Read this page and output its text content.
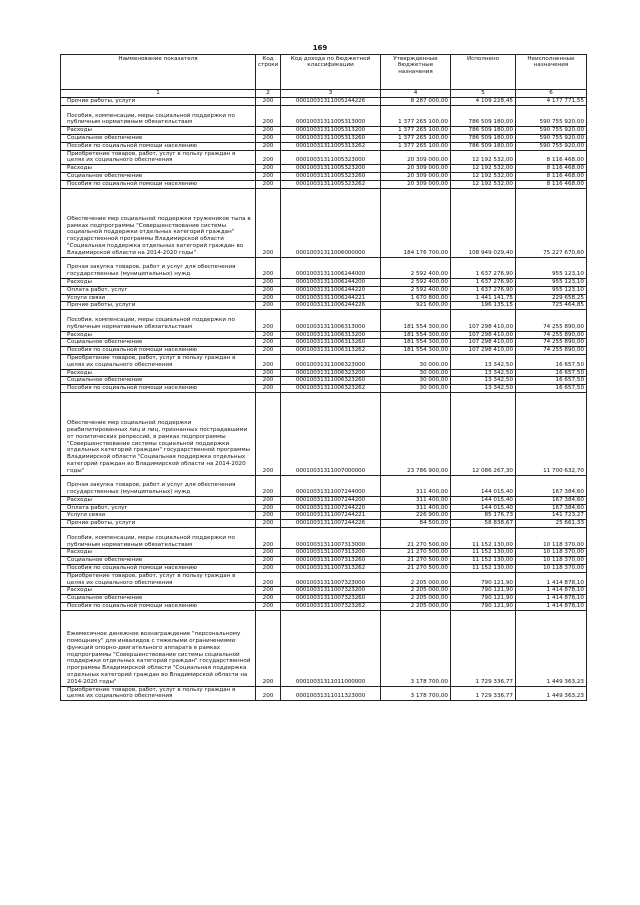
169
Наименование показателя	Код строки	Код дохода по бюджетной классификации	Утвержденные бюджетные назначения	Исполнено	Неисполненные назначения
1	2	3	4	5	6
Прочие работы, услуги	200	00010031311005244226	8 287 000,00	4 109 228,45	4 177 771,55
Пособия, компенсации, меры социальной поддержки по публичным нормативным обязательствам	200	00010031311005313000	1 377 265 100,00	786 509 180,00	590 755 920,00
Расходы	200	00010031311005313200	1 377 265 100,00	786 509 180,00	590 755 920,00
Социальное обеспечение	200	00010031311005313260	1 377 265 100,00	786 509 180,00	590 755 920,00
Пособия по социальной помощи населению	200	00010031311005313262	1 377 265 100,00	786 509 180,00	590 755 920,00
Приобретение товаров, работ, услуг в пользу граждан в целях их социального обеспечения	200	00010031311005323000	20 309 000,00	12 192 532,00	8 116 468,00
Расходы	200	00010031311005323200	20 309 000,00	12 192 532,00	8 116 468,00
Социальное обеспечение	200	00010031311005323260	20 309 000,00	12 192 532,00	8 116 468,00
Пособия по социальной помощи населению	200	00010031311005323262	20 309 000,00	12 192 532,00	8 116 468,00
Обеспечение мер социальной поддержки тружеников тыла в рамках подпрограммы "Совершенствование системы социальной поддержки отдельных категорий граждан" государственной программы Владимирской области "Социальная поддержка отдельных категорий граждан во Владимирской области на 2014-2020 годы"	200	00010031311006000000	184 176 700,00	108 949 029,40	75 227 670,60
Прочая закупка товаров, работ и услуг для обеспечения государственных (муниципальных) нужд	200	00010031311006244000	2 592 400,00	1 637 276,90	955 123,10
Расходы	200	00010031311006244200	2 592 400,00	1 637 276,90	955 123,10
Оплата работ, услуг	200	00010031311006244220	2 592 400,00	1 637 276,90	955 123,10
Услуги связи	200	00010031311006244221	1 670 800,00	1 441 141,75	229 658,25
Прочие работы, услуги	200	00010031311006244226	921 600,00	196 135,15	725 464,85
Пособия, компенсации, меры социальной поддержки по публичным нормативным обязательствам	200	00010031311006313000	181 554 300,00	107 298 410,00	74 255 890,00
Расходы	200	00010031311006313200	181 554 300,00	107 298 410,00	74 255 890,00
Социальное обеспечение	200	00010031311006313260	181 554 300,00	107 298 410,00	74 255 890,00
Пособия по социальной помощи населению	200	00010031311006313262	181 554 300,00	107 298 410,00	74 255 890,00
Приобретение товаров, работ, услуг в пользу граждан в целях их социального обеспечения	200	00010031311006323000	30 000,00	13 342,50	16 657,50
Расходы	200	00010031311006323200	30 000,00	13 342,50	16 657,50
Социальное обеспечение	200	00010031311006323260	30 000,00	13 342,50	16 657,50
Пособия по социальной помощи населению	200	00010031311006323262	30 000,00	13 342,50	16 657,50
Обеспечение мер социальной поддержки реабилитированных лиц и лиц, признанных пострадавшими от политических репрессий, в рамках подпрограммы "Совершенствование системы социальной поддержки отдельных категорий граждан" государственной программы Владимирской области "Социальная поддержка отдельных категорий граждан во Владимирской области на 2014-2020 годы"	200	00010031311007000000	23 786 900,00	12 086 267,30	11 700 632,70
Прочая закупка товаров, работ и услуг для обеспечения государственных (муниципальных) нужд	200	00010031311007244000	311 400,00	144 015,40	167 384,60
Расходы	200	00010031311007244200	311 400,00	144 015,40	167 384,60
Оплата работ, услуг	200	00010031311007244220	311 400,00	144 015,40	167 384,60
Услуги связи	200	00010031311007244221	226 900,00	85 176,73	141 723,27
Прочие работы, услуги	200	00010031311007244226	84 500,00	58 838,67	25 661,33
Пособия, компенсации, меры социальной поддержки по публичным нормативным обязательствам	200	00010031311007313000	21 270 500,00	11 152 130,00	10 118 370,00
Расходы	200	00010031311007313200	21 270 500,00	11 152 130,00	10 118 370,00
Социальное обеспечение	200	00010031311007313260	21 270 500,00	11 152 130,00	10 118 370,00
Пособия по социальной помощи населению	200	00010031311007313262	21 270 500,00	11 152 130,00	10 118 370,00
Приобретение товаров, работ, услуг в пользу граждан в целях их социального обеспечения	200	00010031311007323000	2 205 000,00	790 121,90	1 414 878,10
Расходы	200	00010031311007323200	2 205 000,00	790 121,90	1 414 878,10
Социальное обеспечение	200	00010031311007323260	2 205 000,00	790 121,90	1 414 878,10
Пособия по социальной помощи населению	200	00010031311007323262	2 205 000,00	790 121,90	1 414 878,10
Ежемесячное денежное вознаграждение "персональному помощнику" для инвалидов с тяжелыми ограничениями функций опорно-двигательного аппарата в рамках подпрограммы "Совершенствование системы социальной поддержки отдельных категорий граждан" государственной программы Владимирской области "Социальная поддержка отдельных категорий граждан во Владимирской области на 2014-2020 годы"	200	00010031311011000000	3 178 700,00	1 729 336,77	1 449 363,23
Приобретение товаров, работ, услуг в пользу граждан в целях их социального обеспечения	200	00010031311011323000	3 178 700,00	1 729 336,77	1 449 363,23
